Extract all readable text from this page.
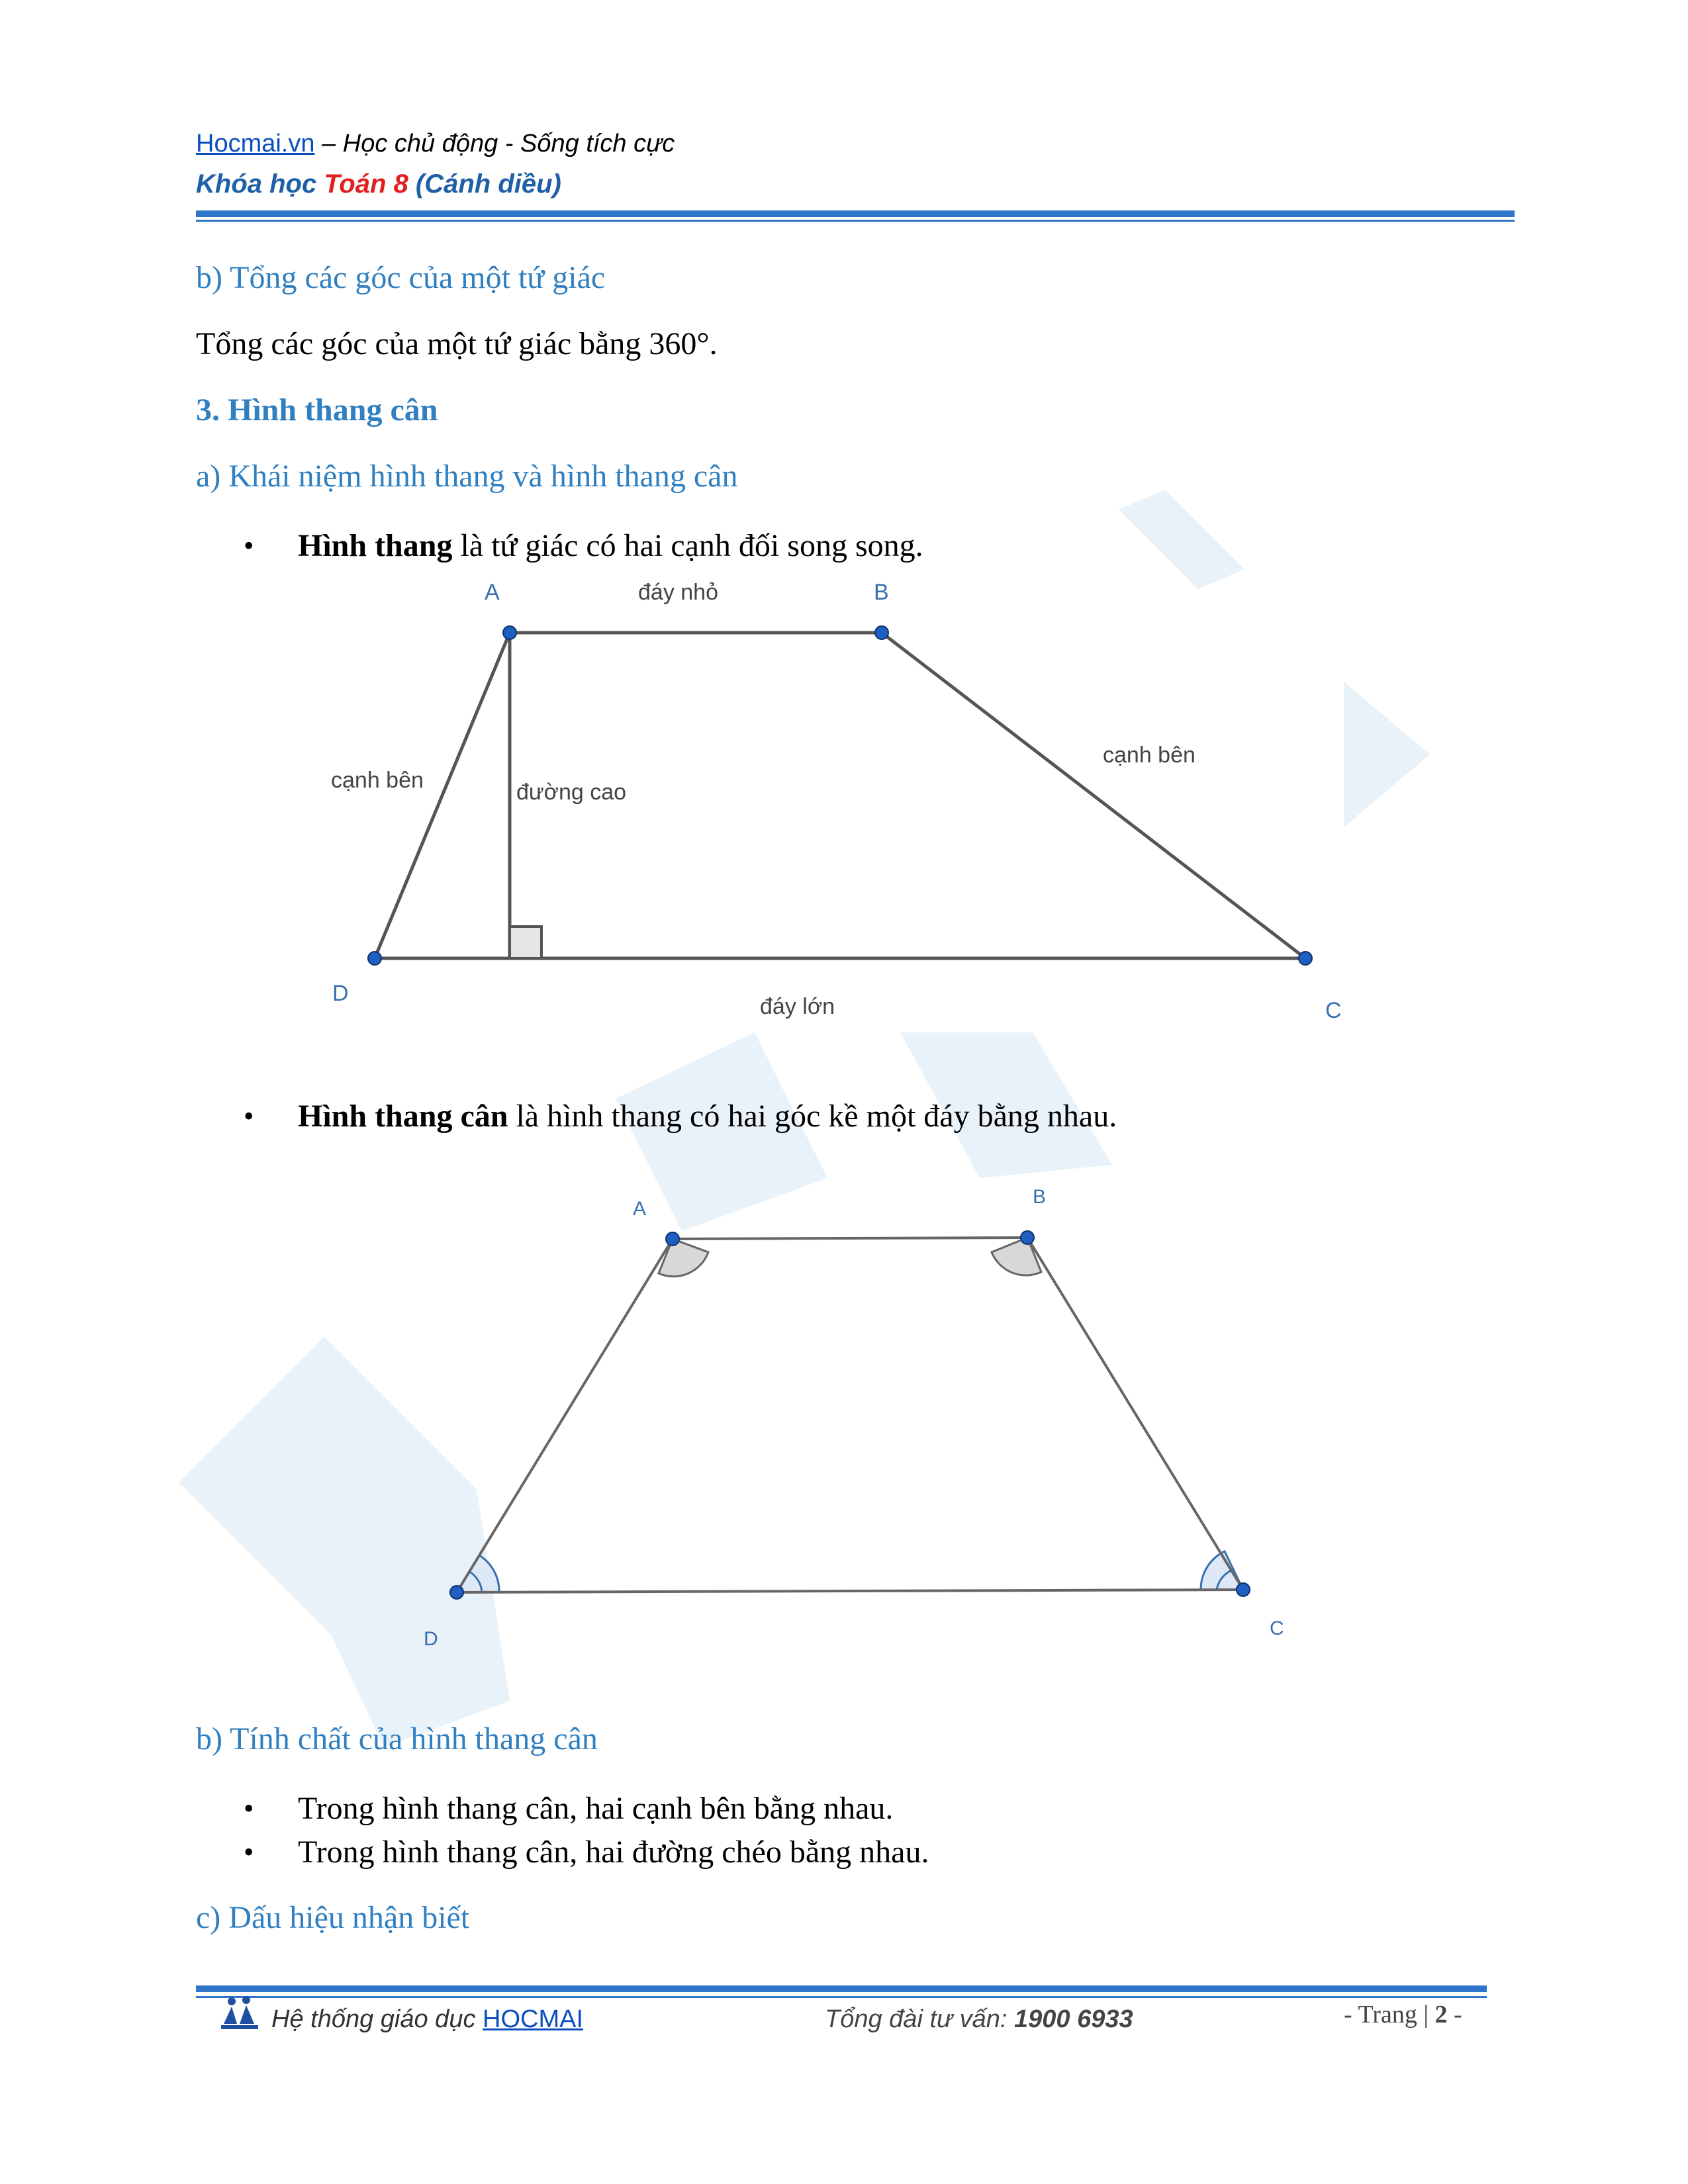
Hocmai.vn – Học chủ động - Sống tích cực
Khóa học Toán 8 (Cánh diều)
b) Tổng các góc của một tứ giác
Tổng các góc của một tứ giác bằng 360°.
3. Hình thang cân
a) Khái niệm hình thang và hình thang cân
• Hình thang là tứ giác có hai cạnh đối song song.
A	B
C
D
đáy nhỏ
đáy lớn
cạnh bên
cạnh bên
đường cao
• Hình thang cân là hình thang có hai góc kề một đáy bằng nhau.
A
B
C
D
b) Tính chất của hình thang cân
• Trong hình thang cân, hai cạnh bên bằng nhau.
• Trong hình thang cân, hai đường chéo bằng nhau.
c) Dấu hiệu nhận biết
Hệ thống giáo dục HOCMAI	Tổng đài tư vấn: 1900 6933	- Trang | 2 -
